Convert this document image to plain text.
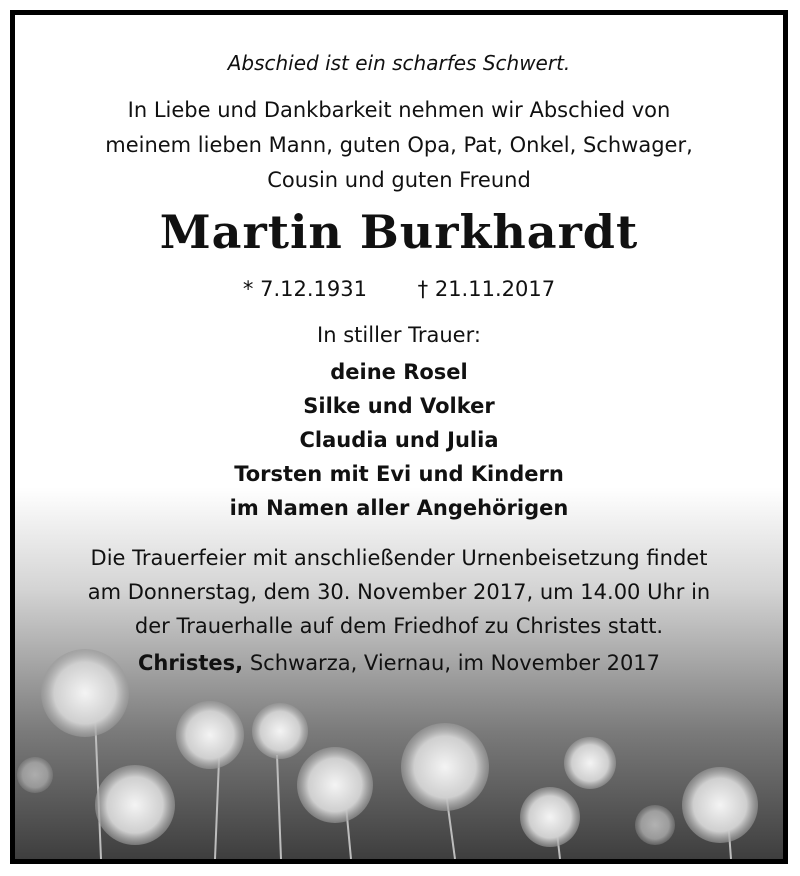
Abschied ist ein scharfes Schwert.
In Liebe und Dankbarkeit nehmen wir Abschied von
meinem lieben Mann, guten Opa, Pat, Onkel, Schwager,
Cousin und guten Freund
Martin Burkhardt
* 7.12.1931 † 21.11.2017
In stiller Trauer:
deine Rosel
Silke und Volker
Claudia und Julia
Torsten mit Evi und Kindern
im Namen aller Angehörigen
Die Trauerfeier mit anschließender Urnenbeisetzung findet
am Donnerstag, dem 30. November 2017, um 14.00 Uhr in
der Trauerhalle auf dem Friedhof zu Christes statt.
Christes, Schwarza, Viernau, im November 2017
